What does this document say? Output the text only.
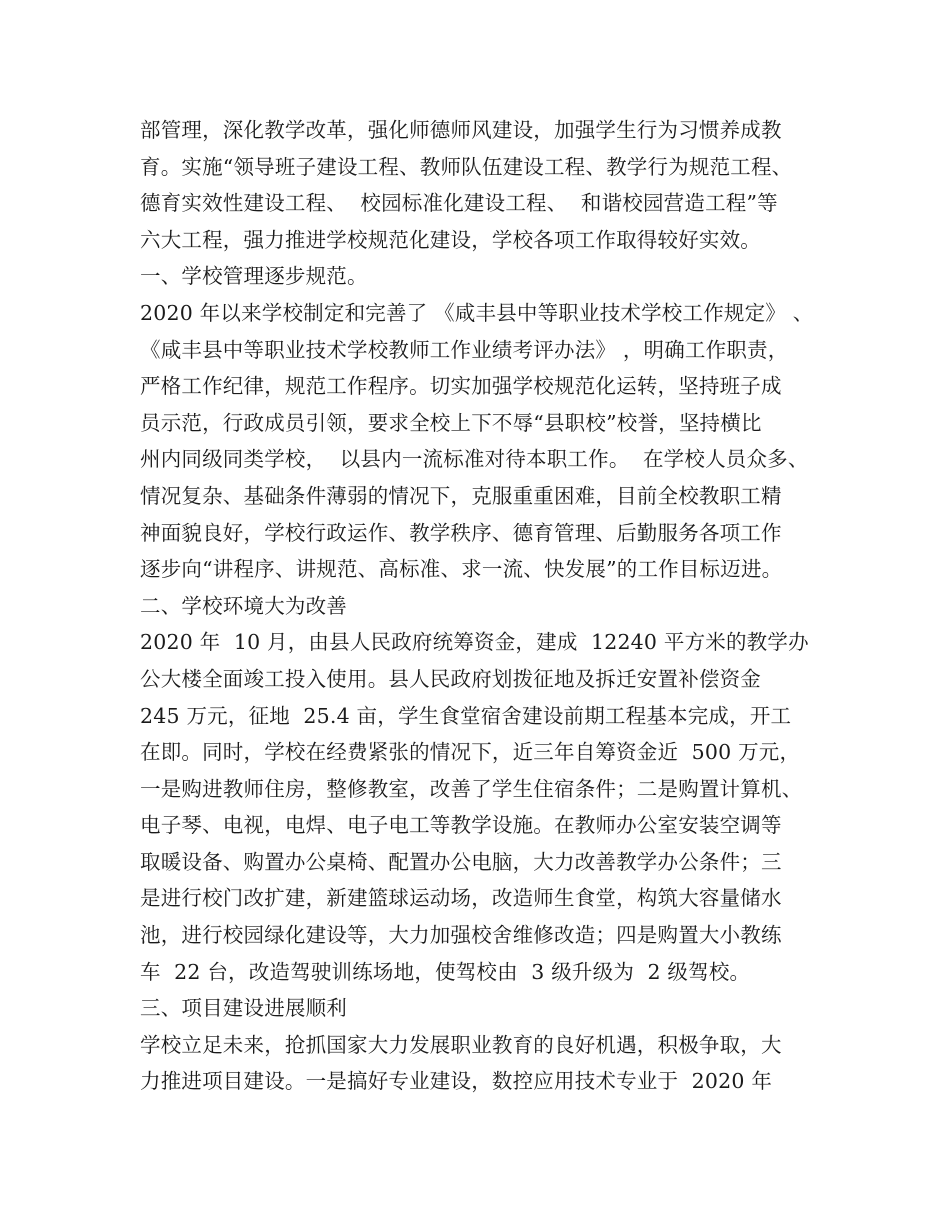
部管理，深化教学改革，强化师德师风建设，加强学生行为习惯养成教
育。实施“领导班子建设工程、教师队伍建设工程、教学行为规范工程、
德育实效性建设工程、  校园标准化建设工程、  和谐校园营造工程”等
六大工程，强力推进学校规范化建设，学校各项工作取得较好实效。
一、学校管理逐步规范。
2020 年以来学校制定和完善了 《咸丰县中等职业技术学校工作规定》 、
《咸丰县中等职业技术学校教师工作业绩考评办法》 ，明确工作职责，
严格工作纪律，规范工作程序。切实加强学校规范化运转，坚持班子成
员示范，行政成员引领，要求全校上下不辱“县职校”校誉，坚持横比
州内同级同类学校，  以县内一流标准对待本职工作。  在学校人员众多、
情况复杂、基础条件薄弱的情况下，克服重重困难，目前全校教职工精
神面貌良好，学校行政运作、教学秩序、德育管理、后勤服务各项工作
逐步向“讲程序、讲规范、高标准、求一流、快发展”的工作目标迈进。
二、学校环境大为改善
2020 年  10 月，由县人民政府统筹资金，建成  12240 平方米的教学办
公大楼全面竣工投入使用。县人民政府划拨征地及拆迁安置补偿资金
245 万元，征地  25.4 亩，学生食堂宿舍建设前期工程基本完成，开工
在即。同时，学校在经费紧张的情况下，近三年自筹资金近  500 万元，
一是购进教师住房，整修教室，改善了学生住宿条件；二是购置计算机、
电子琴、电视，电焊、电子电工等教学设施。在教师办公室安装空调等
取暖设备、购置办公桌椅、配置办公电脑，大力改善教学办公条件；三
是进行校门改扩建，新建篮球运动场，改造师生食堂，构筑大容量储水
池，进行校园绿化建设等，大力加强校舍维修改造；四是购置大小教练
车  22 台，改造驾驶训练场地，使驾校由  3 级升级为  2 级驾校。
三、项目建设进展顺利
学校立足未来，抢抓国家大力发展职业教育的良好机遇，积极争取，大
力推进项目建设。一是搞好专业建设，数控应用技术专业于  2020 年
